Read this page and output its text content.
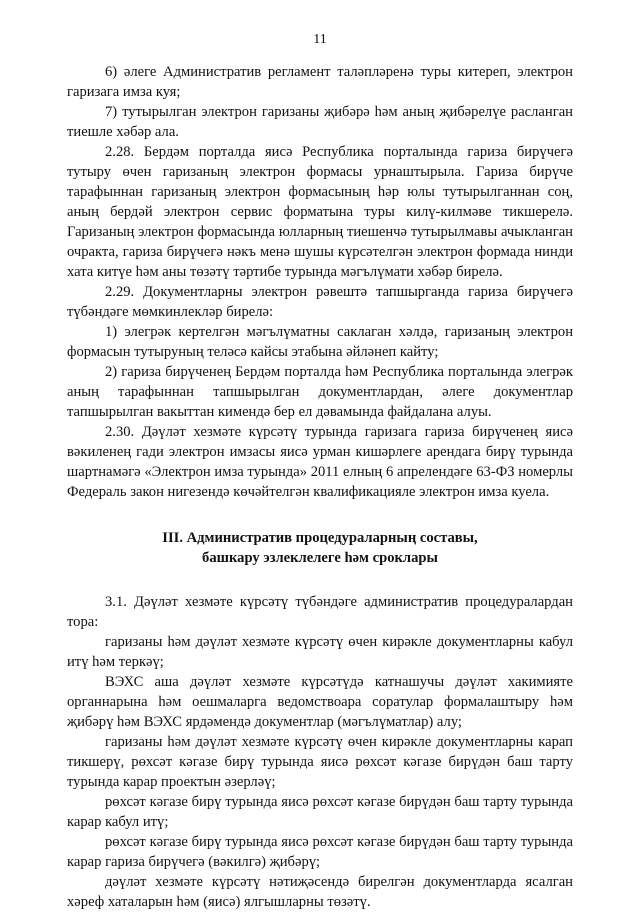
11

6) әлеге Административ регламент таләпләренә туры китереп, электрон гаризага имза куя;

7) тутырылган электрон гаризаны җибәрә һәм аның җибәрелүе расланган тиешле хәбәр ала.

2.28. Бердәм порталда яисә Республика порталында гариза бирүчегә тутыру өчен гаризаның электрон формасы урнаштырыла. Гариза бирүче тарафыннан гаризаның электрон формасының һәр юлы тутырылганнан соң, аның бердәй электрон сервис форматына туры килү-килмәве тикшерелә. Гаризаның электрон формасында юлларның тиешенчә тутырылмавы ачыкланган очракта, гариза бирүчегә нәкъ менә шушы күрсәтелгән электрон формада нинди хата китүе һәм аны төзәтү тәртибе турында мәгълүмати хәбәр бирелә.

2.29. Документларны электрон рәвештә тапшырганда гариза бирүчегә түбәндәге мөмкинлекләр бирелә:

1) элегрәк кертелгән мәгълүматны саклаган хәлдә, гаризаның электрон формасын тутыруның теләсә кайсы этабына әйләнеп кайту;

2) гариза бирүченең Бердәм порталда һәм Республика порталында элегрәк аның тарафыннан тапшырылган документлардан, әлеге документлар тапшырылган вакыттан кимендә бер ел дәвамында файдалана алуы.

2.30. Дәүләт хезмәте күрсәтү турында гаризага гариза бирүченең яисә вәкиленең гади электрон имзасы яисә урман кишәрлеге арендага бирү турында шартнамәгә «Электрон имза турында» 2011 елның 6 апрелендәге 63-ФЗ номерлы Федераль закон нигезендә көчәйтелгән квалификацияле электрон имза куела.

III. Административ процедураларның составы,
башкару эзлеклелеге һәм сроклары

3.1. Дәүләт хезмәте күрсәтү түбәндәге административ процедуралардан тора:

гаризаны һәм дәүләт хезмәте күрсәтү өчен кирәкле документларны кабул итү һәм теркәү;

ВЭХС аша дәүләт хезмәте күрсәтүдә катнашучы дәүләт хакимияте органнарына һәм оешмаларга ведомствоара соратулар формалаштыру һәм җибәрү һәм ВЭХС ярдәмендә документлар (мәгълүматлар) алу;

гаризаны һәм дәүләт хезмәте күрсәтү өчен кирәкле документларны карап тикшерү, рөхсәт кәгазе бирү турында яисә рөхсәт кәгазе бирүдән баш тарту турында карар проектын әзерләү;

рөхсәт кәгазе бирү турында яисә рөхсәт кәгазе бирүдән баш тарту турында карар кабул итү;

рөхсәт кәгазе бирү турында яисә рөхсәт кәгазе бирүдән баш тарту турында карар гариза бирүчегә (вәкилгә) җибәрү;

дәүләт хезмәте күрсәтү нәтиҗәсендә бирелгән документларда ясалган хәреф хаталарын һәм (яисә) ялгышларны төзәтү.
